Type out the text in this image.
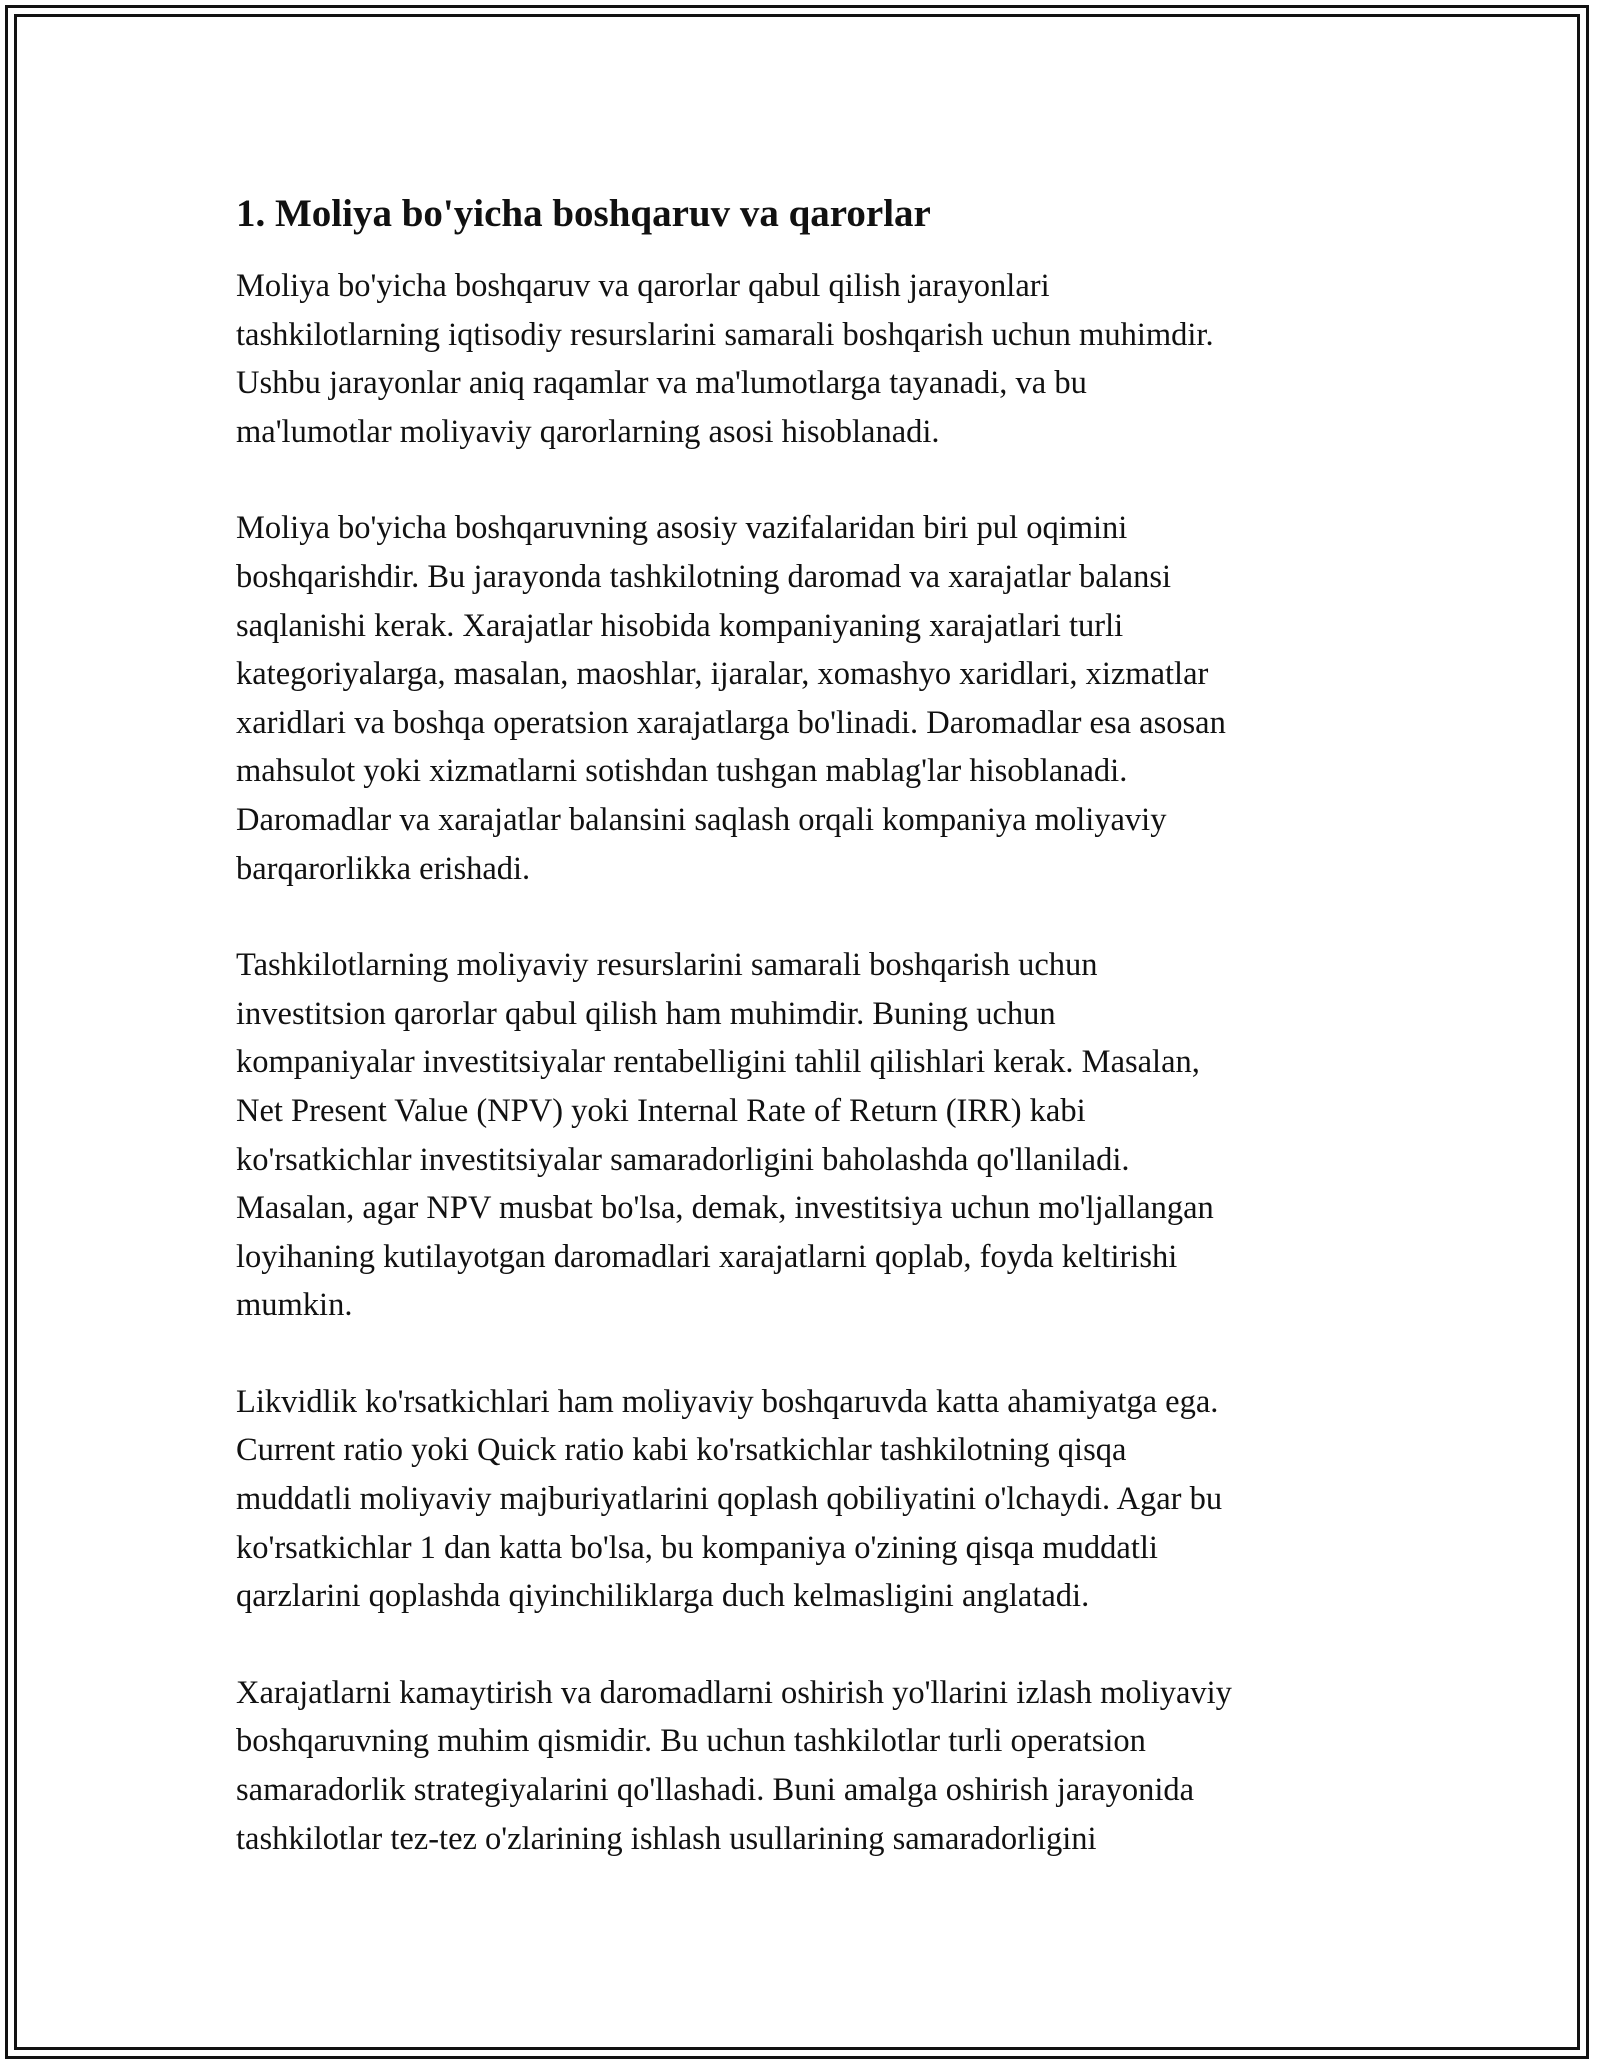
1. Moliya bo'yicha boshqaruv va qarorlar

Moliya bo'yicha boshqaruv va qarorlar qabul qilish jarayonlari
tashkilotlarning iqtisodiy resurslarini samarali boshqarish uchun muhimdir.
Ushbu jarayonlar aniq raqamlar va ma'lumotlarga tayanadi, va bu
ma'lumotlar moliyaviy qarorlarning asosi hisoblanadi.

Moliya bo'yicha boshqaruvning asosiy vazifalaridan biri pul oqimini
boshqarishdir. Bu jarayonda tashkilotning daromad va xarajatlar balansi
saqlanishi kerak. Xarajatlar hisobida kompaniyaning xarajatlari turli
kategoriyalarga, masalan, maoshlar, ijaralar, xomashyo xaridlari, xizmatlar
xaridlari va boshqa operatsion xarajatlarga bo'linadi. Daromadlar esa asosan
mahsulot yoki xizmatlarni sotishdan tushgan mablag'lar hisoblanadi.
Daromadlar va xarajatlar balansini saqlash orqali kompaniya moliyaviy
barqarorlikka erishadi.

Tashkilotlarning moliyaviy resurslarini samarali boshqarish uchun
investitsion qarorlar qabul qilish ham muhimdir. Buning uchun
kompaniyalar investitsiyalar rentabelligini tahlil qilishlari kerak. Masalan,
Net Present Value (NPV) yoki Internal Rate of Return (IRR) kabi
ko'rsatkichlar investitsiyalar samaradorligini baholashda qo'llaniladi.
Masalan, agar NPV musbat bo'lsa, demak, investitsiya uchun mo'ljallangan
loyihaning kutilayotgan daromadlari xarajatlarni qoplab, foyda keltirishi
mumkin.

Likvidlik ko'rsatkichlari ham moliyaviy boshqaruvda katta ahamiyatga ega.
Current ratio yoki Quick ratio kabi ko'rsatkichlar tashkilotning qisqa
muddatli moliyaviy majburiyatlarini qoplash qobiliyatini o'lchaydi. Agar bu
ko'rsatkichlar 1 dan katta bo'lsa, bu kompaniya o'zining qisqa muddatli
qarzlarini qoplashda qiyinchiliklarga duch kelmasligini anglatadi.

Xarajatlarni kamaytirish va daromadlarni oshirish yo'llarini izlash moliyaviy
boshqaruvning muhim qismidir. Bu uchun tashkilotlar turli operatsion
samaradorlik strategiyalarini qo'llashadi. Buni amalga oshirish jarayonida
tashkilotlar tez-tez o'zlarining ishlash usullarining samaradorligini
